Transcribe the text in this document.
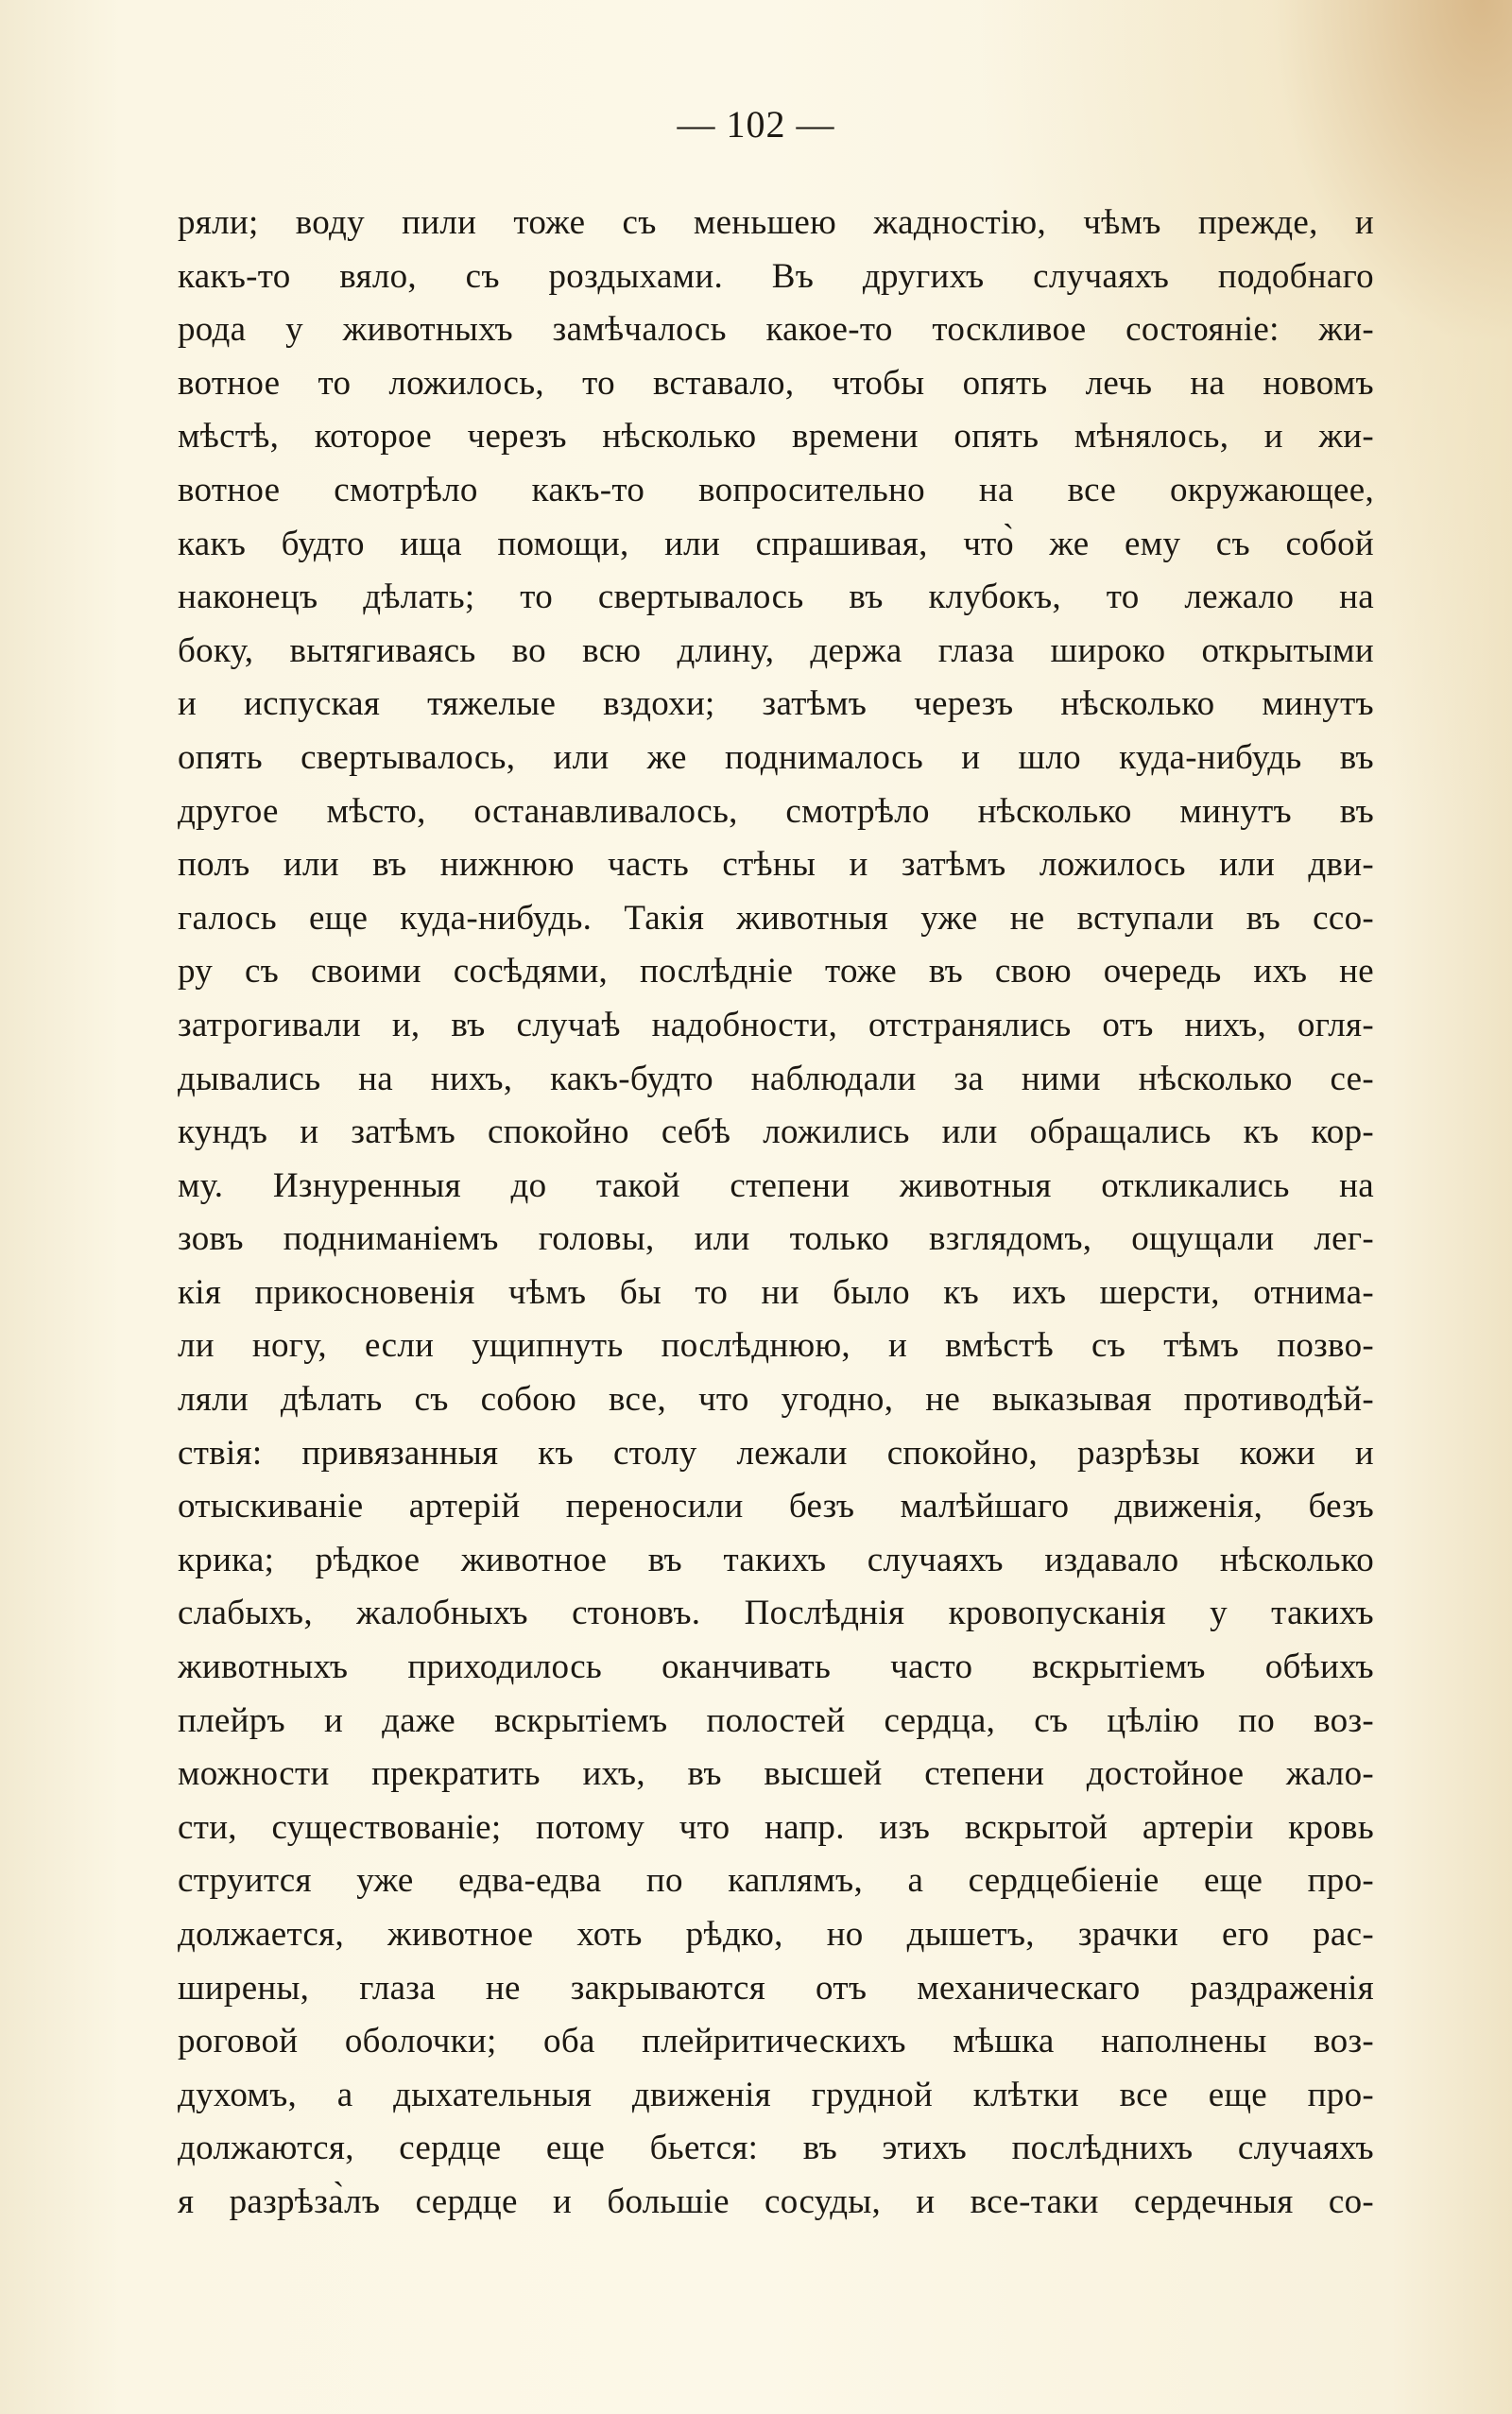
— 102 —
ряли; воду пили тоже съ меньшею жадностію, чѣмъ прежде, и
какъ-то вяло, съ роздыхами. Въ другихъ случаяхъ подобнаго
рода у животныхъ замѣчалось какое-то тоскливое состояніе: жи-
вотное то ложилось, то вставало, чтобы опять лечь на новомъ
мѣстѣ, которое черезъ нѣсколько времени опять мѣнялось, и жи-
вотное смотрѣло какъ-то вопросительно на все окружающее,
какъ будто ища помощи, или спрашивая, что̀ же ему съ собой
наконецъ дѣлать; то свертывалось въ клубокъ, то лежало на
боку, вытягиваясь во всю длину, держа глаза широко открытыми
и испуская тяжелые вздохи; затѣмъ черезъ нѣсколько минутъ
опять свертывалось, или же поднималось и шло куда-нибудь въ
другое мѣсто, останавливалось, смотрѣло нѣсколько минутъ въ
полъ или въ нижнюю часть стѣны и затѣмъ ложилось или дви-
галось еще куда-нибудь. Такія животныя уже не вступали въ ссо-
ру съ своими сосѣдями, послѣдніе тоже въ свою очередь ихъ не
затрогивали и, въ случаѣ надобности, отстранялись отъ нихъ, огля-
дывались на нихъ, какъ-будто наблюдали за ними нѣсколько се-
кундъ и затѣмъ спокойно себѣ ложились или обращались къ кор-
му. Изнуренныя до такой степени животныя откликались на
зовъ подниманіемъ головы, или только взглядомъ, ощущали лег-
кія прикосновенія чѣмъ бы то ни было къ ихъ шерсти, отнима-
ли ногу, если ущипнуть послѣднюю, и вмѣстѣ съ тѣмъ позво-
ляли дѣлать съ собою все, что угодно, не выказывая противодѣй-
ствія: привязанныя къ столу лежали спокойно, разрѣзы кожи и
отыскиваніе артерій переносили безъ малѣйшаго движенія, безъ
крика; рѣдкое животное въ такихъ случаяхъ издавало нѣсколько
слабыхъ, жалобныхъ стоновъ. Послѣднія кровопусканія у такихъ
животныхъ приходилось оканчивать часто вскрытіемъ обѣихъ
плейръ и даже вскрытіемъ полостей сердца, съ цѣлію по воз-
можности прекратить ихъ, въ высшей степени достойное жало-
сти, существованіе; потому что напр. изъ вскрытой артеріи кровь
струится уже едва-едва по каплямъ, а сердцебіеніе еще про-
должается, животное хоть рѣдко, но дышетъ, зрачки его рас-
ширены, глаза не закрываются отъ механическаго раздраженія
роговой оболочки; оба плейритическихъ мѣшка наполнены воз-
духомъ, а дыхательныя движенія грудной клѣтки все еще про-
должаются, сердце еще бьется: въ этихъ послѣднихъ случаяхъ
я разрѣза̀лъ сердце и большіе сосуды, и все-таки сердечныя со-
